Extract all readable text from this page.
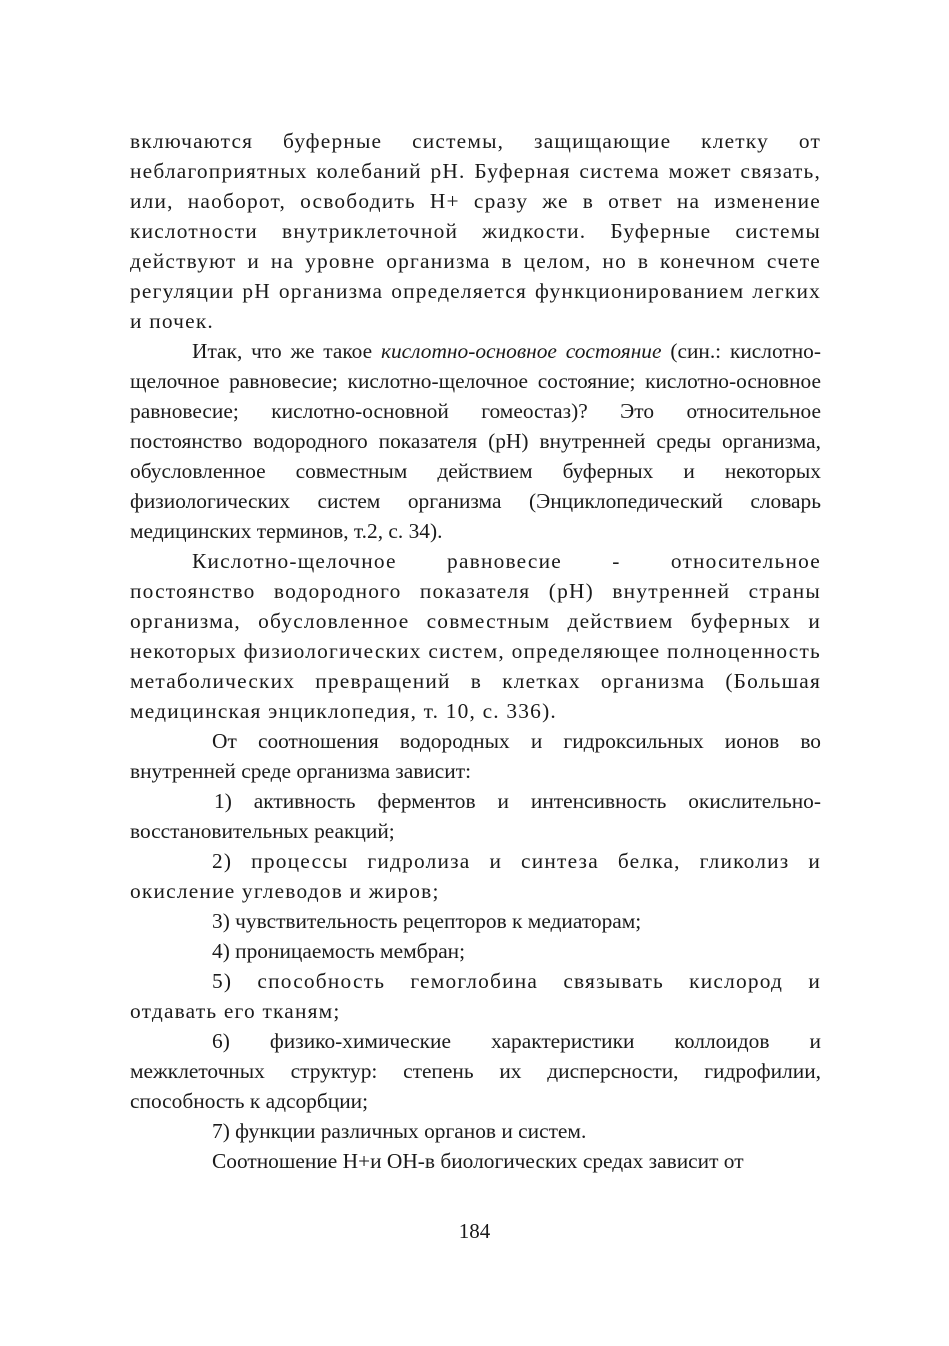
включаются буферные системы, защищающие клетку от неблагоприятных колебаний pH. Буферная система может связать, или, наоборот, освободить Н+ сразу же в ответ на изменение кислотности внутриклеточной жидкости. Буферные системы действуют и на уровне организма в целом, но в конечном счете регуляции pH организма определяется функционированием легких и почек.

Итак, что же такое кислотно-основное состояние (син.: кислотно-щелочное равновесие; кислотно-щелочное состояние; кислотно-основное равновесие; кислотно-основной гомеостаз)? Это относительное постоянство водородного показателя (pH) внутренней среды организма, обусловленное совместным действием буферных и некоторых физиологических систем организма (Энциклопедический словарь медицинских терминов, т.2, с. 34).

Кислотно-щелочное равновесие - относительное постоянство водородного показателя (pH) внутренней страны организма, обусловленное совместным действием буферных и некоторых физиологических систем, определяющее полноценность метаболических превращений в клетках организма (Большая медицинская энциклопедия, т. 10, с. 336).

От соотношения водородных и гидроксильных ионов во внутренней среде организма зависит:

1) активность ферментов и интенсивность окислительно-восстановительных реакций;

2) процессы гидролиза и синтеза белка, гликолиз и окисление углеводов и жиров;

3) чувствительность рецепторов к медиаторам;

4) проницаемость мембран;

5) способность гемоглобина связывать кислород и отдавать его тканям;

6) физико-химические характеристики коллоидов и межклеточных структур: степень их дисперсности, гидрофилии, способность к адсорбции;

7) функции различных органов и систем.

Соотношение Н+и ОН-в биологических средах зависит от

184
